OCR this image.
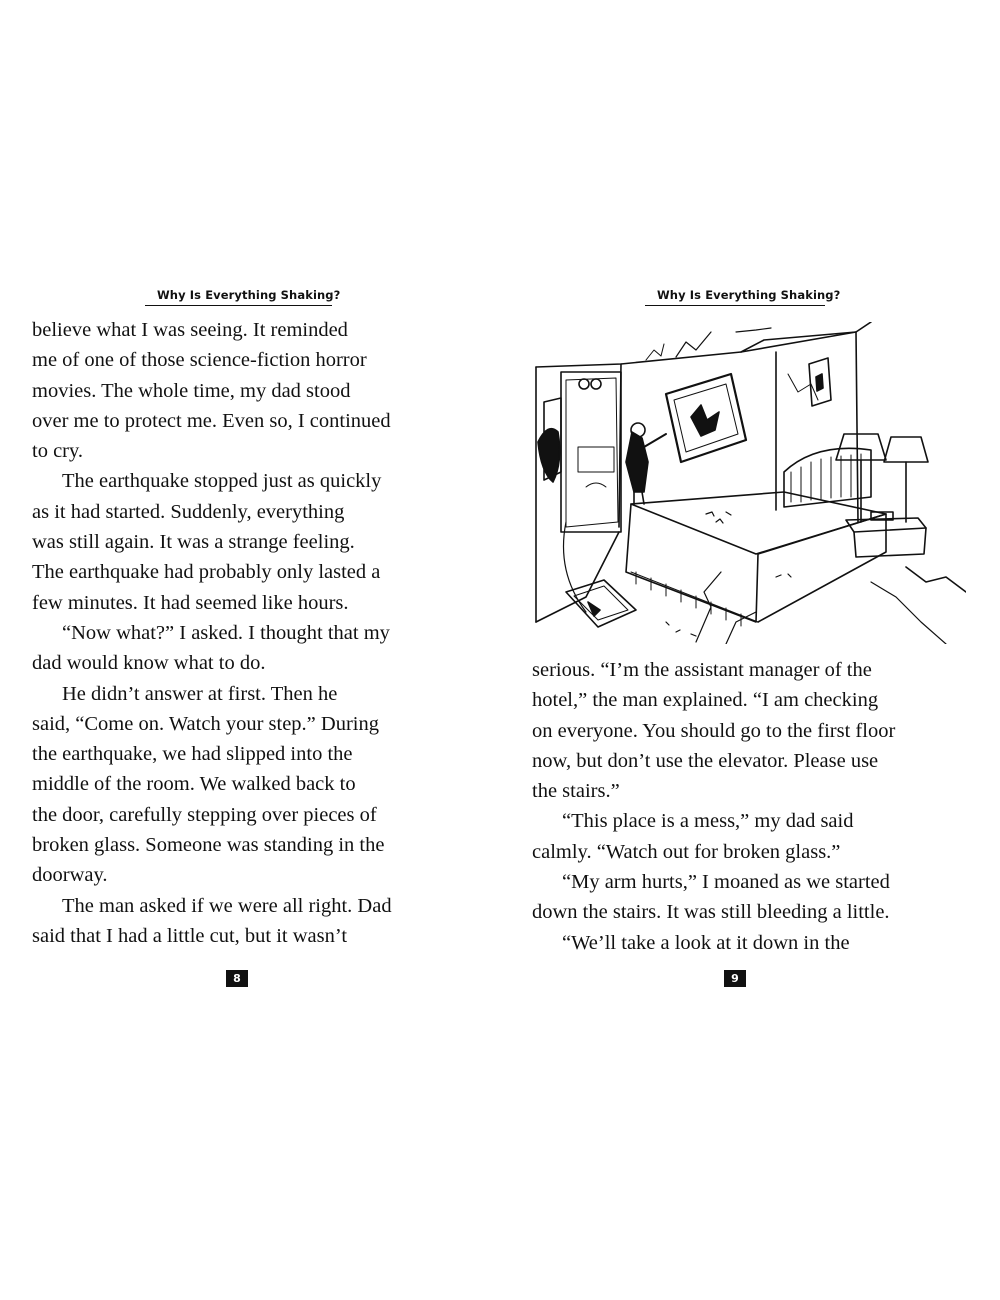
Why Is Everything Shaking?
believe what I was seeing. It reminded
me of one of those science-fiction horror
movies. The whole time, my dad stood
over me to protect me. Even so, I continued
to cry.
The earthquake stopped just as quickly
as it had started. Suddenly, everything
was still again. It was a strange feeling.
The earthquake had probably only lasted a
few minutes. It had seemed like hours.
“Now what?” I asked. I thought that my
dad would know what to do.
He didn’t answer at first. Then he
said, “Come on. Watch your step.” During
the earthquake, we had slipped into the
middle of the room. We walked back to
the door, carefully stepping over pieces of
broken glass. Someone was standing in the
doorway.
The man asked if we were all right. Dad
said that I had a little cut, but it wasn’t
8
Why Is Everything Shaking?
serious. “I’m the assistant manager of the
hotel,” the man explained. “I am checking
on everyone. You should go to the first floor
now, but don’t use the elevator. Please use
the stairs.”
“This place is a mess,” my dad said
calmly. “Watch out for broken glass.”
“My arm hurts,” I moaned as we started
down the stairs. It was still bleeding a little.
“We’ll take a look at it down in the
9
